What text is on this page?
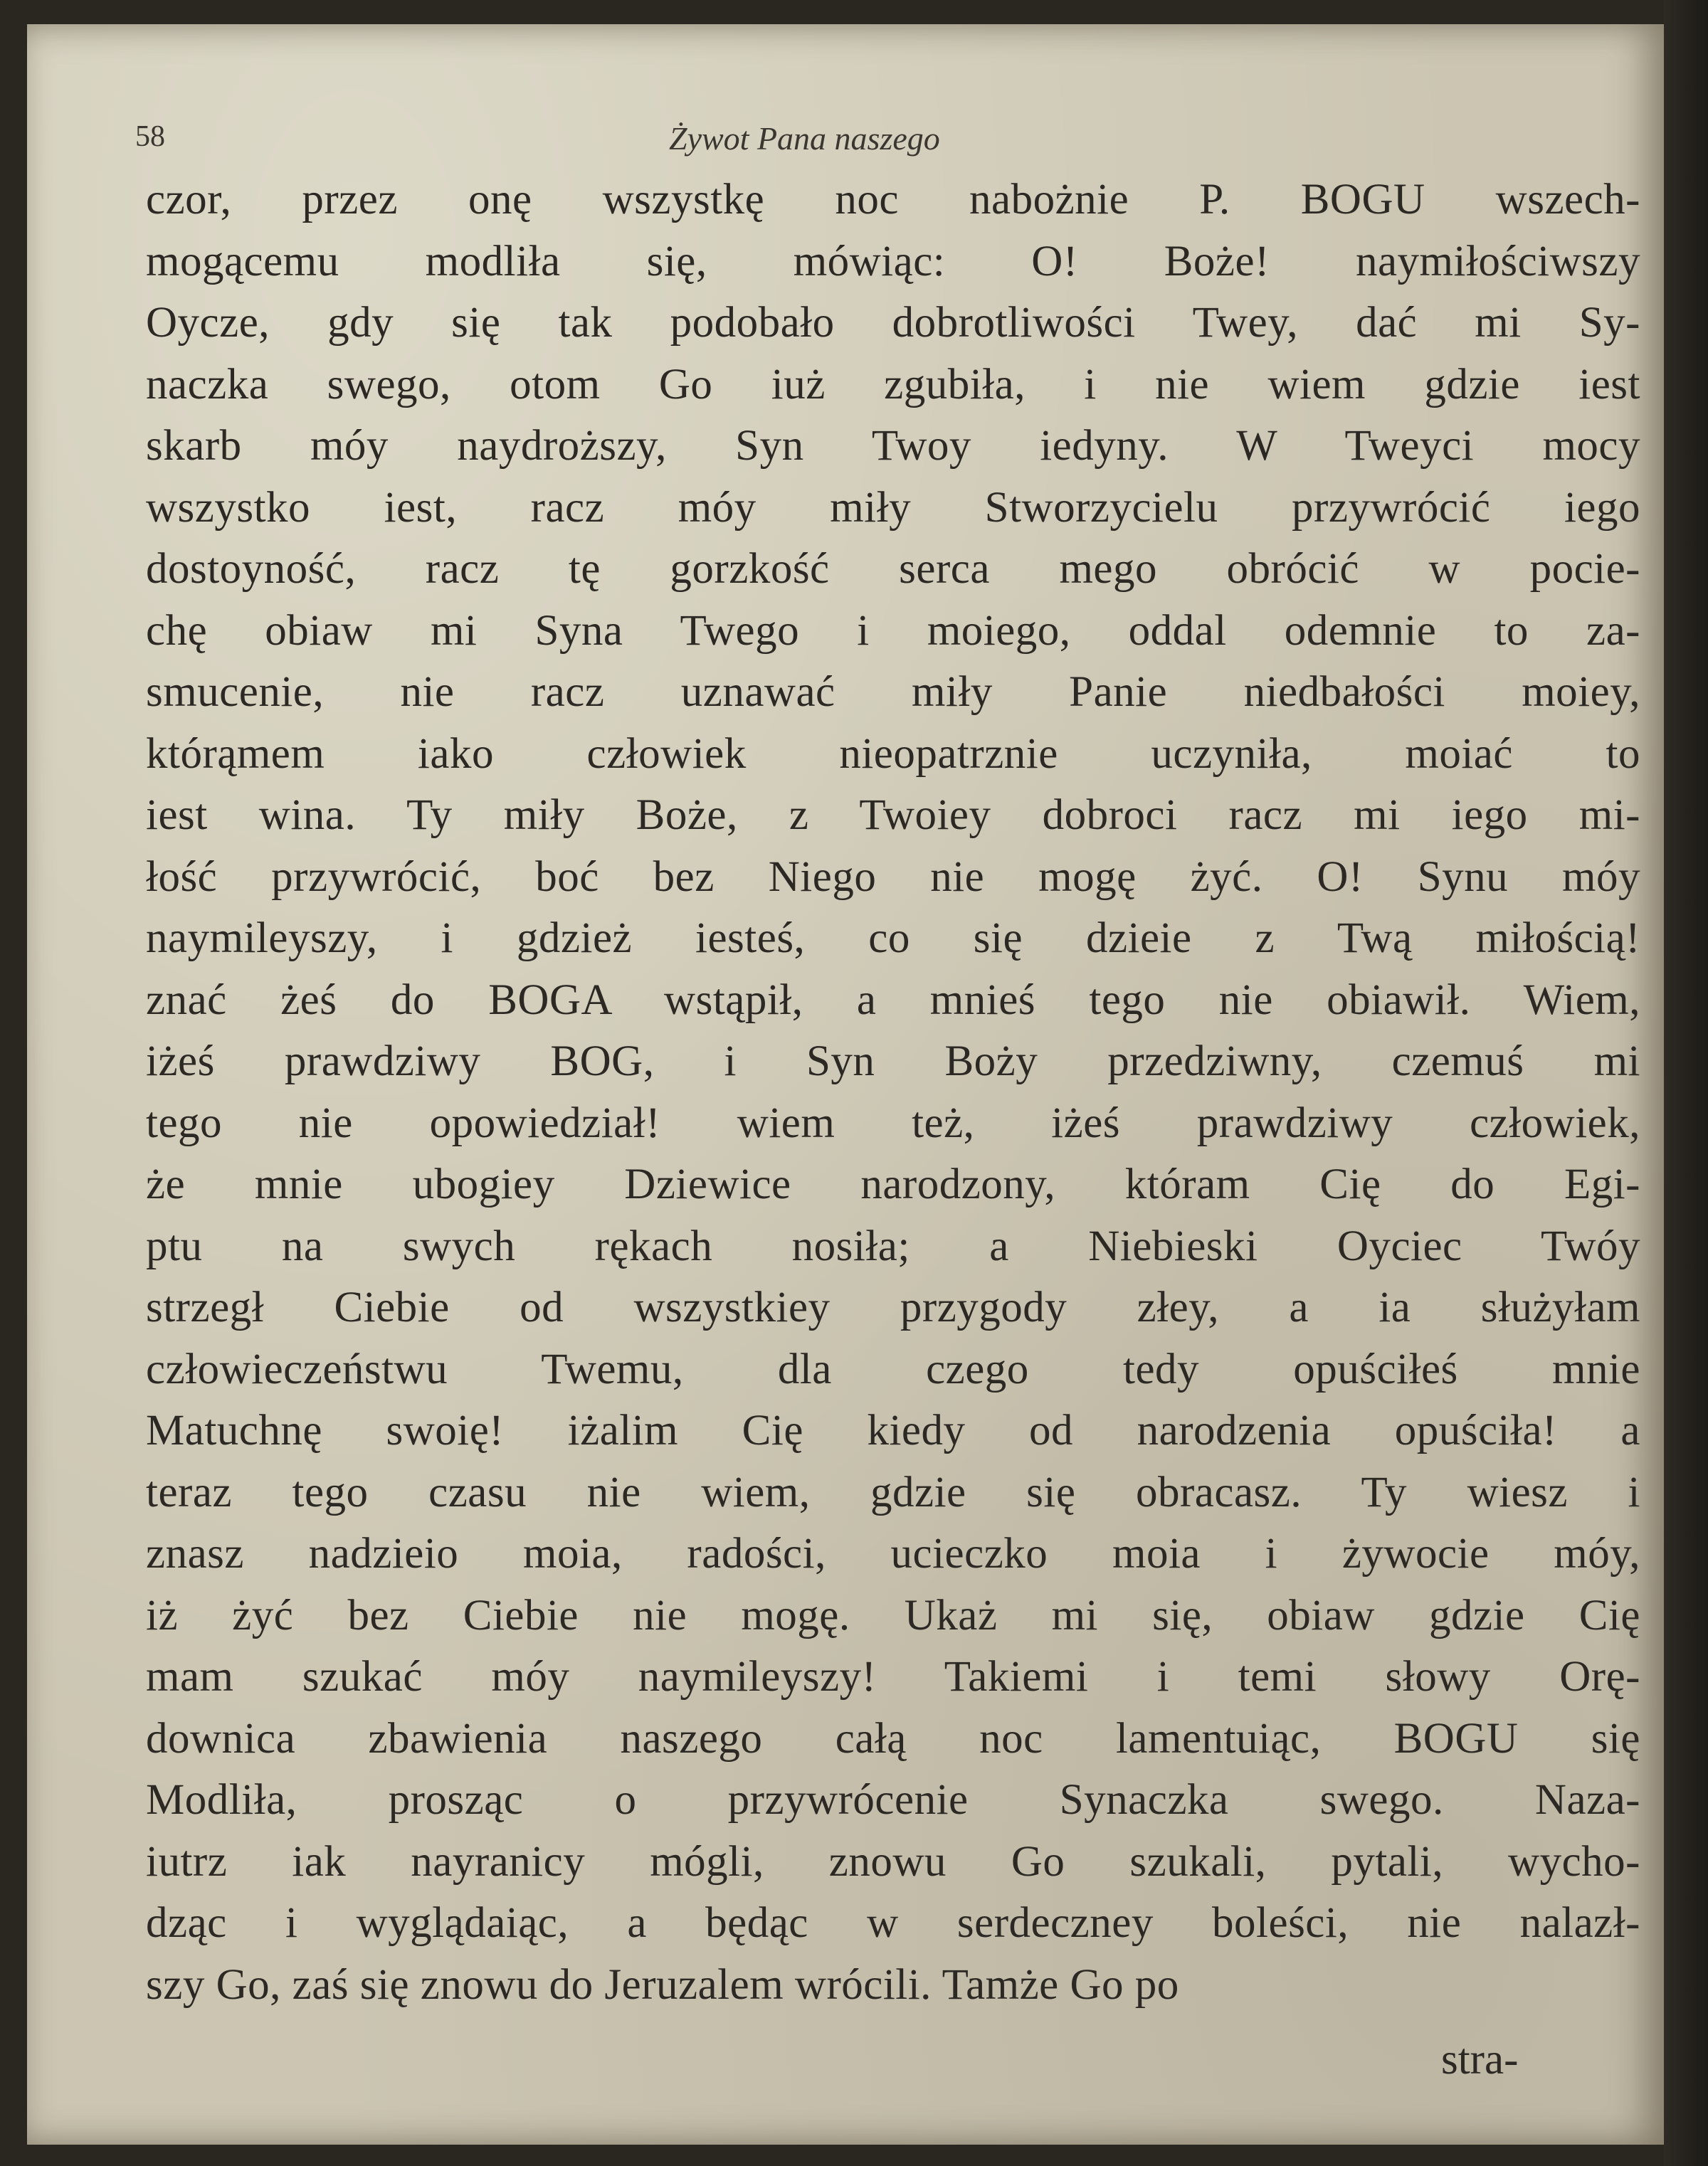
58	Żywot Pana naszego
czor, przez onę wszystkę noc nabożnie P. BOGU wszech-
mogącemu modliła się, mówiąc: O! Boże! naymiłościwszy
Oycze, gdy się tak podobało dobrotliwości Twey, dać mi Sy-
naczka swego, otom Go iuż zgubiła, i nie wiem gdzie iest
skarb móy naydroższy, Syn Twoy iedyny. W Tweyci mocy
wszystko iest, racz móy miły Stworzycielu przywrócić iego
dostoyność, racz tę gorzkość serca mego obrócić w pocie-
chę obiaw mi Syna Twego i moiego, oddal odemnie to za-
smucenie, nie racz uznawać miły Panie niedbałości moiey,
którąmem iako człowiek nieopatrznie uczyniła, moiać to
iest wina. Ty miły Boże, z Twoiey dobroci racz mi iego mi-
łość przywrócić, boć bez Niego nie mogę żyć. O! Synu móy
naymileyszy, i gdzież iesteś, co się dzieie z Twą miłością!
znać żeś do BOGA wstąpił, a mnieś tego nie obiawił. Wiem,
iżeś prawdziwy BOG, i Syn Boży przedziwny, czemuś mi
tego nie opowiedział! wiem też, iżeś prawdziwy człowiek,
że mnie ubogiey Dziewice narodzony, któram Cię do Egi-
ptu na swych rękach nosiła; a Niebieski Oyciec Twóy
strzegł Ciebie od wszystkiey przygody złey, a ia służyłam
człowieczeństwu Twemu, dla czego tedy opuściłeś mnie
Matuchnę swoię! iżalim Cię kiedy od narodzenia opuściła! a
teraz tego czasu nie wiem, gdzie się obracasz. Ty wiesz i
znasz nadzieio moia, radości, ucieczko moia i żywocie móy,
iż żyć bez Ciebie nie mogę. Ukaż mi się, obiaw gdzie Cię
mam szukać móy naymileyszy! Takiemi i temi słowy Orę-
downica zbawienia naszego całą noc lamentuiąc, BOGU się
Modliła, prosząc o przywrócenie Synaczka swego. Naza-
iutrz iak nayranicy mógli, znowu Go szukali, pytali, wycho-
dząc i wyglądaiąc, a będąc w serdeczney boleści, nie nalazł-
szy Go, zaś się znowu do Jeruzalem wrócili. Tamże Go po
stra-
